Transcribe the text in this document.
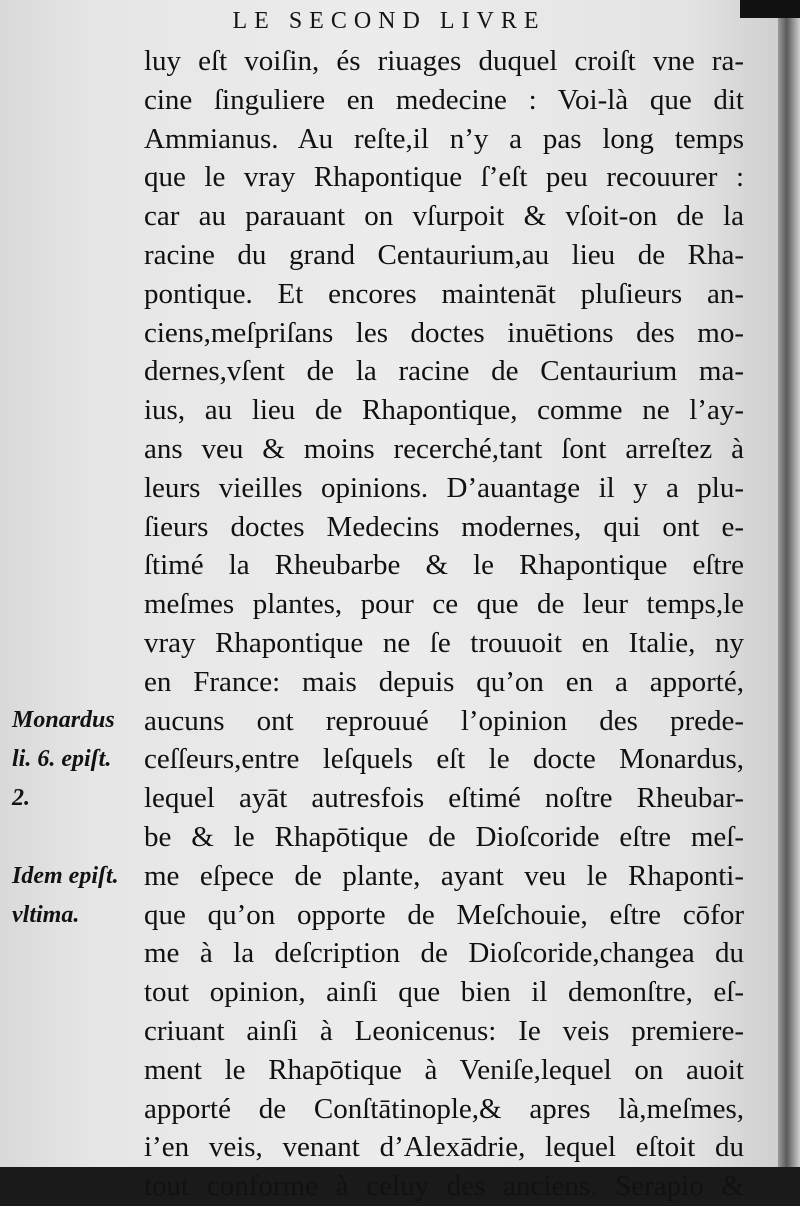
LE SECOND LIVRE
luy eſt voiſin, és riuages duquel croiſt vne ra-
cine ſinguliere en medecine : Voi-là que dit
Ammianus. Au reſte,il n’y a pas long temps
que le vray Rhapontique ſ’eſt peu recouurer :
car au parauant on vſurpoit & vſoit-on de la
racine du grand Centaurium,au lieu de Rha-
pontique. Et encores maintenāt pluſieurs an-
ciens,meſpriſans les doctes inuētions des mo-
dernes,vſent de la racine de Centaurium ma-
ius, au lieu de Rhapontique, comme ne l’ay-
ans veu & moins recerché,tant ſont arreſtez à
leurs vieilles opinions. D’auantage il y a plu-
ſieurs doctes Medecins modernes, qui ont e-
ſtimé la Rheubarbe & le Rhapontique eſtre
meſmes plantes, pour ce que de leur temps,le
vray Rhapontique ne ſe trouuoit en Italie, ny
en France: mais depuis qu’on en a apporté,
aucuns ont reprouué l’opinion des prede-
ceſſeurs,entre leſquels eſt le docte Monardus,
lequel ayāt autresfois eſtimé noſtre Rheubar-
be & le Rhapōtique de Dioſcoride eſtre meſ-
me eſpece de plante, ayant veu le Rhaponti-
que qu’on opporte de Meſchouie, eſtre cōfor
me à la deſcription de Dioſcoride,changea du
tout opinion, ainſi que bien il demonſtre, eſ-
criuant ainſi à Leonicenus: Ie veis premiere-
ment le Rhapōtique à Veniſe,lequel on auoit
apporté de Conſtātinople,& apres là,meſmes,
i’en veis, venant d’Alexādrie, lequel eſtoit du
tout conforme à celuy des anciens. Serapio &
Monardus
li. 6. epiſt.
2.
Idem epiſt.
vltima.
